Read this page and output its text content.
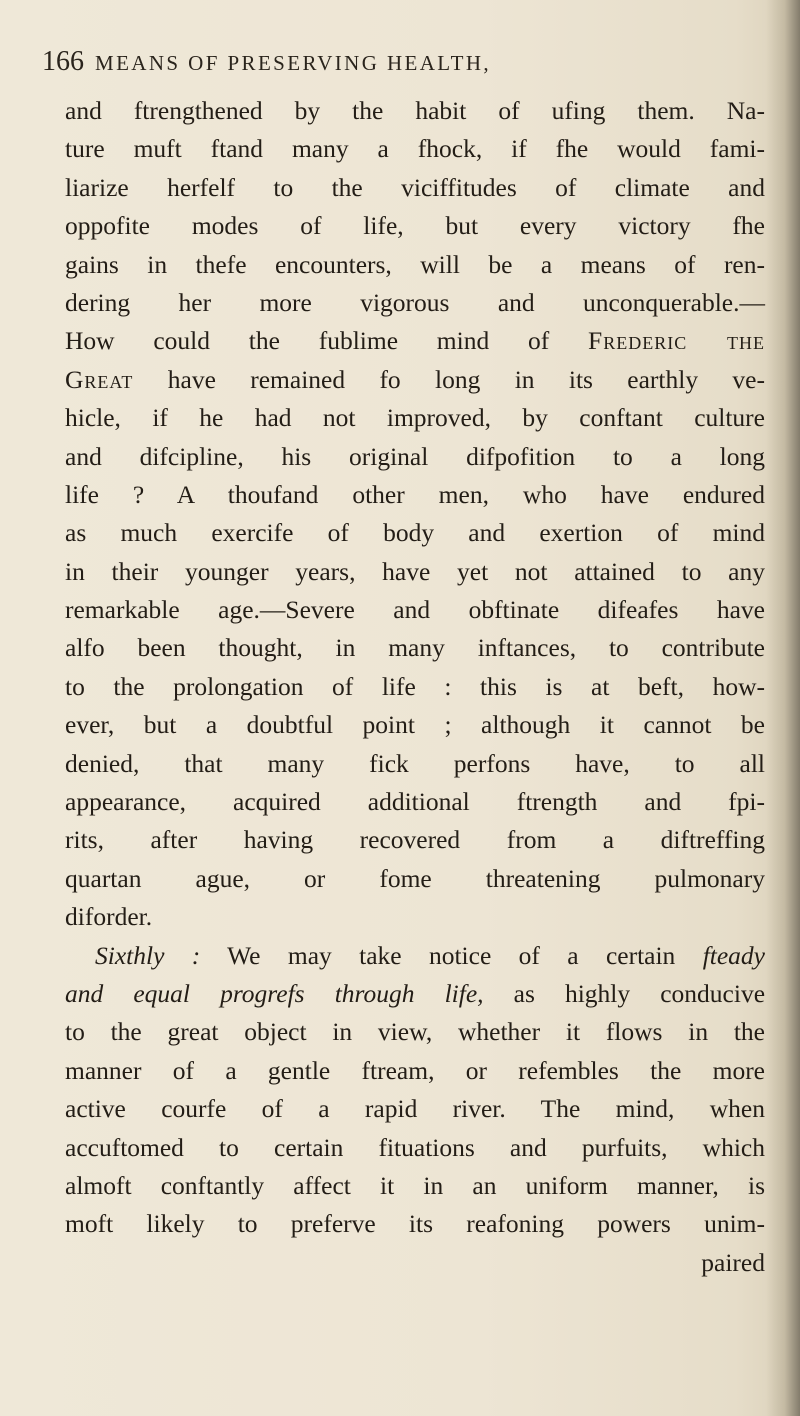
166 MEANS OF PRESERVING HEALTH,
and ftrengthened by the habit of ufing them. Na-
ture muft ftand many a fhock, if fhe would fami-
liarize herfelf to the viciffitudes of climate and
oppofite modes of life, but every victory fhe
gains in thefe encounters, will be a means of ren-
dering her more vigorous and unconquerable.—
How could the fublime mind of Frederic the
Great have remained fo long in its earthly ve-
hicle, if he had not improved, by conftant culture
and difcipline, his original difpofition to a long
life ? A thoufand other men, who have endured
as much exercife of body and exertion of mind
in their younger years, have yet not attained to any
remarkable age.—Severe and obftinate difeafes have
alfo been thought, in many inftances, to contribute
to the prolongation of life : this is at beft, how-
ever, but a doubtful point ; although it cannot be
denied, that many fick perfons have, to all
appearance, acquired additional ftrength and fpi-
rits, after having recovered from a diftreffing
quartan ague, or fome threatening pulmonary
diforder.
Sixthly : We may take notice of a certain fteady
and equal progrefs through life, as highly conducive
to the great object in view, whether it flows in the
manner of a gentle ftream, or refembles the more
active courfe of a rapid river. The mind, when
accuftomed to certain fituations and purfuits, which
almoft conftantly affect it in an uniform manner, is
moft likely to preferve its reafoning powers unim-
paired
